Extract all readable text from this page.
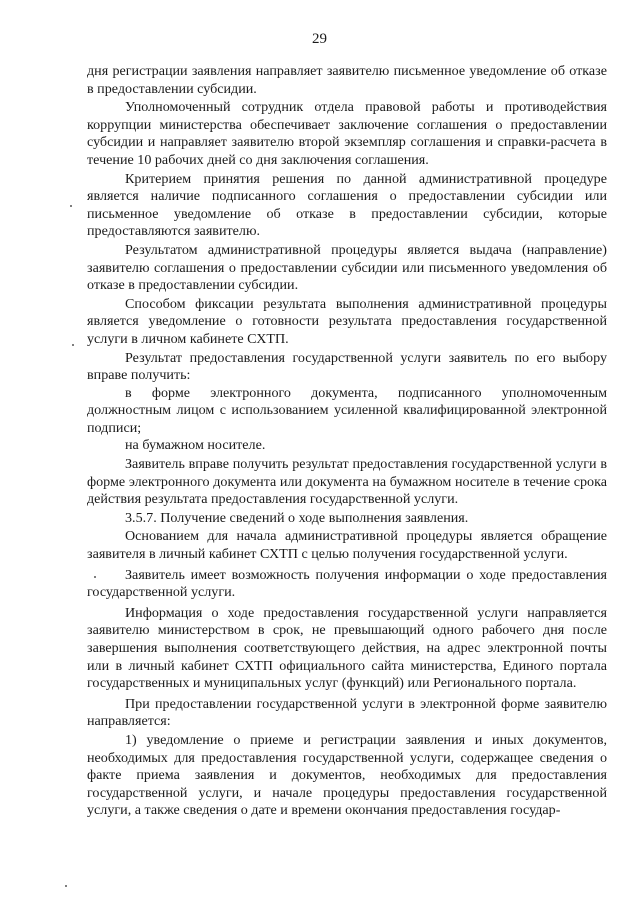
29

дня регистрации заявления направляет заявителю письменное уведомление об отказе в предоставлении субсидии.

Уполномоченный сотрудник отдела правовой работы и противодействия коррупции министерства обеспечивает заключение соглашения о предоставлении субсидии и направляет заявителю второй экземпляр соглашения и справки-расчета в течение 10 рабочих дней со дня заключения соглашения.

Критерием принятия решения по данной административной процедуре является наличие подписанного соглашения о предоставлении субсидии или письменное уведомление об отказе в предоставлении субсидии, которые предоставляются заявителю.

Результатом административной процедуры является выдача (направление) заявителю соглашения о предоставлении субсидии или письменного уведомления об отказе в предоставлении субсидии.

Способом фиксации результата выполнения административной процедуры является уведомление о готовности результата предоставления государственной услуги в личном кабинете СХТП.

Результат предоставления государственной услуги заявитель по его выбору вправе получить:

в форме электронного документа, подписанного уполномоченным должностным лицом с использованием усиленной квалифицированной электронной подписи;

на бумажном носителе.

Заявитель вправе получить результат предоставления государственной услуги в форме электронного документа или документа на бумажном носителе в течение срока действия результата предоставления государственной услуги.

3.5.7. Получение сведений о ходе выполнения заявления.

Основанием для начала административной процедуры является обращение заявителя в личный кабинет СХТП с целью получения государственной услуги.

Заявитель имеет возможность получения информации о ходе предоставления государственной услуги.

Информация о ходе предоставления государственной услуги направляется заявителю министерством в срок, не превышающий одного рабочего дня после завершения выполнения соответствующего действия, на адрес электронной почты или в личный кабинет СХТП официального сайта министерства, Единого портала государственных и муниципальных услуг (функций) или Регионального портала.

При предоставлении государственной услуги в электронной форме заявителю направляется:

1) уведомление о приеме и регистрации заявления и иных документов, необходимых для предоставления государственной услуги, содержащее сведения о факте приема заявления и документов, необходимых для предоставления государственной услуги, и начале процедуры предоставления государственной услуги, а также сведения о дате и времени окончания предоставления государ-
